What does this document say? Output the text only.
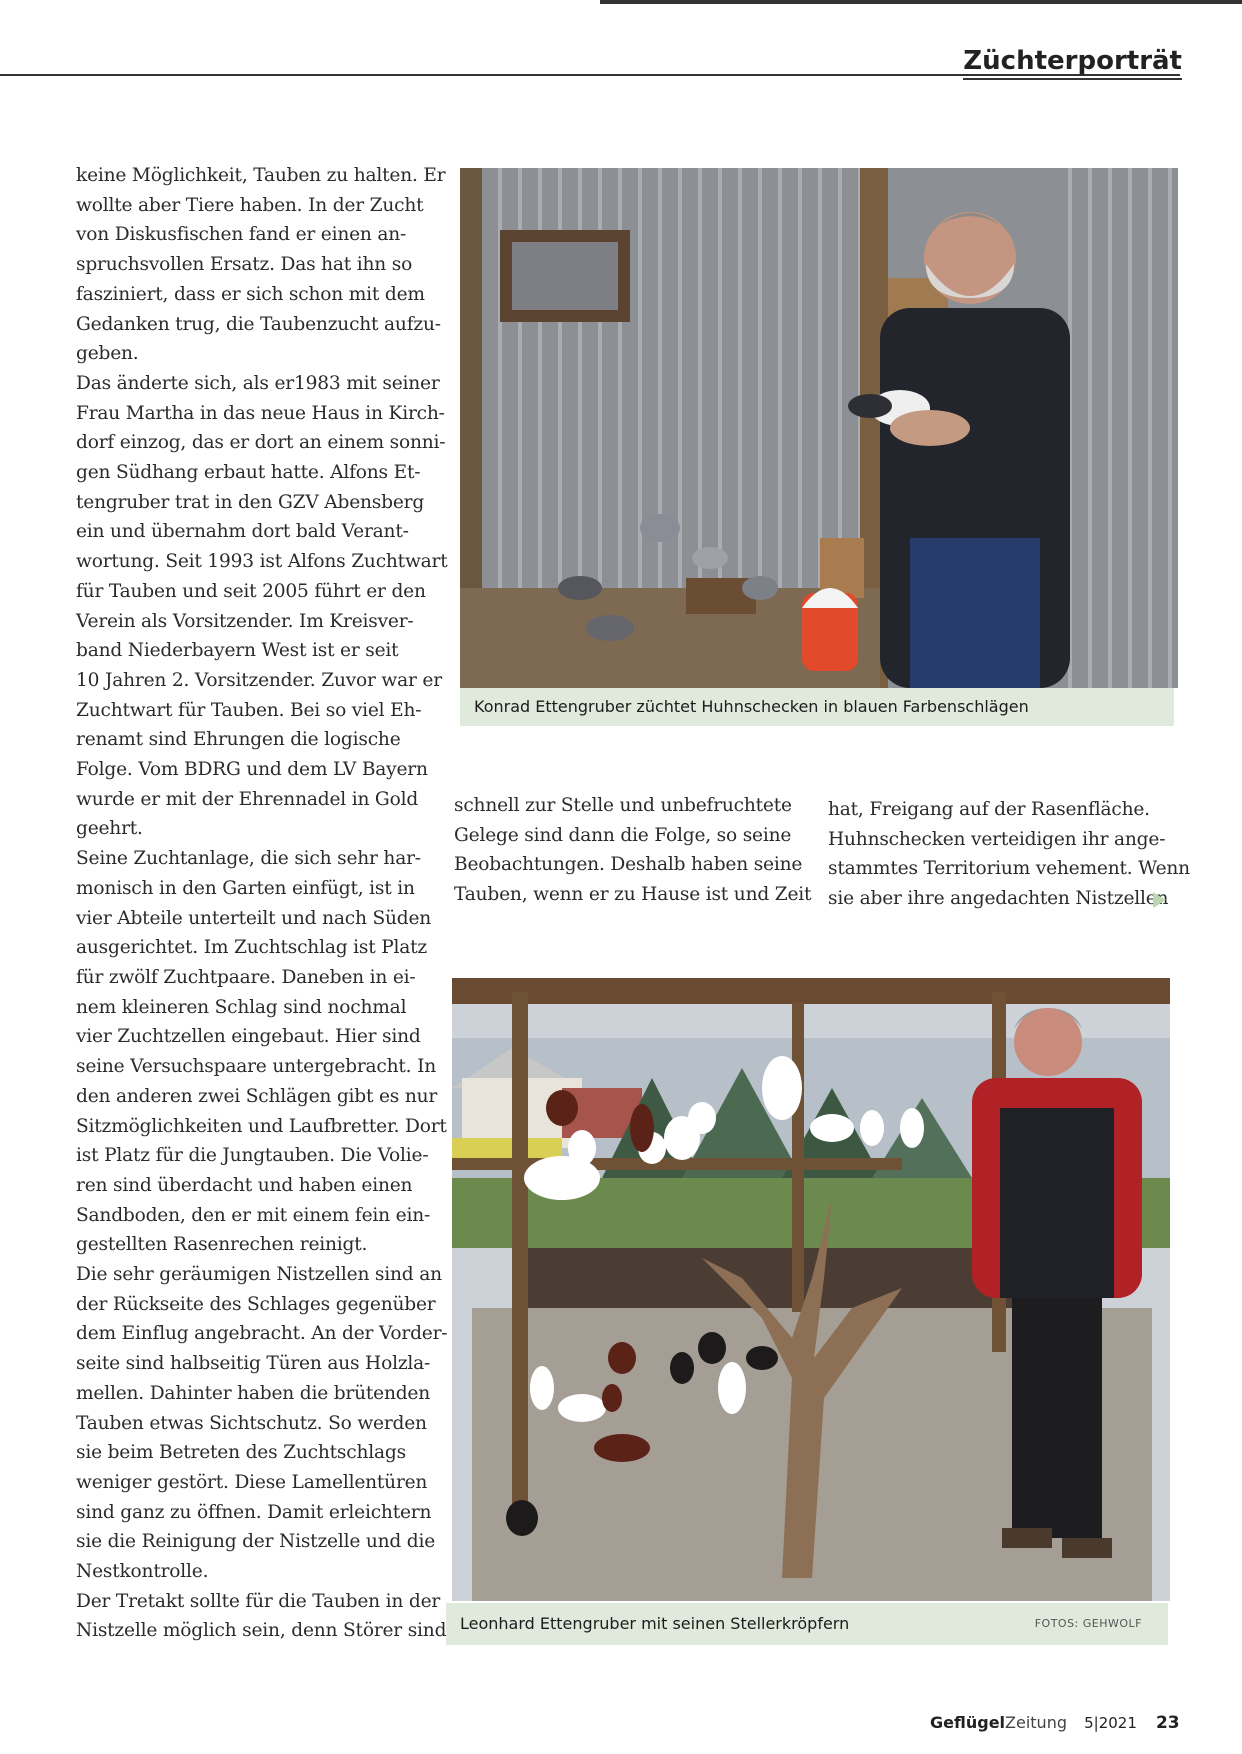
Züchterporträt

keine Möglichkeit, Tauben zu halten. Er

wollte aber Tiere haben. In der Zucht

von Diskusfischen fand er einen an-

spruchsvollen Ersatz. Das hat ihn so

fasziniert, dass er sich schon mit dem

Gedanken trug, die Taubenzucht aufzu-

geben.

Das änderte sich, als er1983 mit seiner

Frau Martha in das neue Haus in Kirch-

dorf einzog, das er dort an einem sonni-

gen Südhang erbaut hatte. Alfons Et-

tengruber trat in den GZV Abensberg

ein und übernahm dort bald Verant-

wortung. Seit 1993 ist Alfons Zuchtwart

für Tauben und seit 2005 führt er den

Verein als Vorsitzender. Im Kreisver-

band Niederbayern West ist er seit

10 Jahren 2. Vorsitzender. Zuvor war er

Zuchtwart für Tauben. Bei so viel Eh-

renamt sind Ehrungen die logische

Folge. Vom BDRG und dem LV Bayern

wurde er mit der Ehrennadel in Gold

geehrt.

Seine Zuchtanlage, die sich sehr har-

monisch in den Garten einfügt, ist in

vier Abteile unterteilt und nach Süden

ausgerichtet. Im Zuchtschlag ist Platz

für zwölf Zuchtpaare. Daneben in ei-

nem kleineren Schlag sind nochmal

vier Zuchtzellen eingebaut. Hier sind

seine Versuchspaare untergebracht. In

den anderen zwei Schlägen gibt es nur

Sitzmöglichkeiten und Laufbretter. Dort

ist Platz für die Jungtauben. Die Volie-

ren sind überdacht und haben einen

Sandboden, den er mit einem fein ein-

gestellten Rasenrechen reinigt.

Die sehr geräumigen Nistzellen sind an

der Rückseite des Schlages gegenüber

dem Einflug angebracht. An der Vorder-

seite sind halbseitig Türen aus Holzla-

mellen. Dahinter haben die brütenden

Tauben etwas Sichtschutz. So werden

sie beim Betreten des Zuchtschlags

weniger gestört. Diese Lamellentüren

sind ganz zu öffnen. Damit erleichtern

sie die Reinigung der Nistzelle und die

Nestkontrolle.

Der Tretakt sollte für die Tauben in der

Nistzelle möglich sein, denn Störer sind

schnell zur Stelle und unbefruchtete

Gelege sind dann die Folge, so seine

Beobachtungen. Deshalb haben seine

Tauben, wenn er zu Hause ist und Zeit

hat, Freigang auf der Rasenfläche.

Huhnschecken verteidigen ihr ange-

stammtes Territorium vehement. Wenn

sie aber ihre angedachten Nistzellen

Konrad Ettengruber züchtet Huhnschecken in blauen Farbenschlägen
Leonhard Ettengruber mit seinen Stellerkröpfern	FOTOS: GEHWOLF
GeflügelZeitung 5|2021 23
